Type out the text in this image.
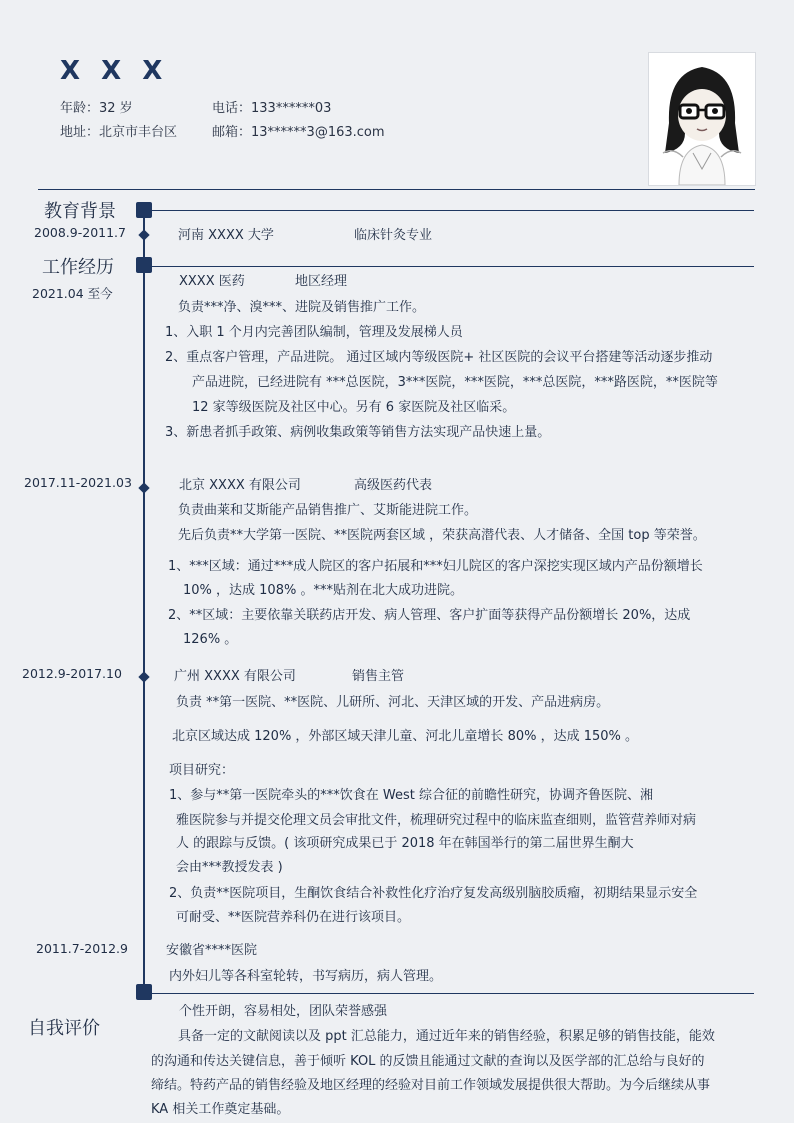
X X X
年龄：32 岁	电话：133******03
地址：北京市丰台区	邮箱：13******3@163.com
教育背景
2008.9-2011.7	河南 XXXX 大学	临床针灸专业
工作经历
2021.04 至今
XXXX 医药	地区经理
负责***净、溴***、进院及销售推广工作。
1、入职 1 个月内完善团队编制，管理及发展梯人员
2、重点客户管理，产品进院。 通过区域内等级医院+ 社区医院的会议平台搭建等活动逐步推动
产品进院，已经进院有 ***总医院，3***医院，***医院，***总医院，***路医院，**医院等
12 家等级医院及社区中心。另有 6 家医院及社区临采。
3、新患者抓手政策、病例收集政策等销售方法实现产品快速上量。
2017.11-2021.03	北京 XXXX 有限公司	高级医药代表
负责曲莱和艾斯能产品销售推广、艾斯能进院工作。
先后负责**大学第一医院、**医院两套区域 ，荣获高潜代表、人才储备、全国 top 等荣誉。
1、***区域：通过***成人院区的客户拓展和***妇儿院区的客户深挖实现区域内产品份额增长
10% ，达成 108% 。***贴剂在北大成功进院。
2、**区域：主要依靠关联药店开发、病人管理、客户扩面等获得产品份额增长 20%，达成
126% 。
2012.9-2017.10	广州 XXXX 有限公司	销售主管
负责 **第一医院、**医院、儿研所、河北、天津区域的开发、产品进病房。
北京区域达成 120% ，外部区域天津儿童、河北儿童增长 80% ，达成 150% 。
项目研究：
1、参与**第一医院牵头的***饮食在 West 综合征的前瞻性研究，协调齐鲁医院、湘
雅医院参与并提交伦理文员会审批文件，梳理研究过程中的临床监查细则，监管营养师对病
人 的跟踪与反馈。( 该项研究成果已于 2018 年在韩国举行的第二届世界生酮大
会由***教授发表 )
2、负责**医院项目，生酮饮食结合补救性化疗治疗复发高级别脑胶质瘤，初期结果显示安全
可耐受、**医院营养科仍在进行该项目。
2011.7-2012.9	安徽省****医院
内外妇儿等各科室轮转，书写病历，病人管理。
自我评价
个性开朗，容易相处，团队荣誉感强
具备一定的文献阅读以及 ppt 汇总能力，通过近年来的销售经验，积累足够的销售技能，能效
的沟通和传达关键信息，善于倾听 KOL 的反馈且能通过文献的查询以及医学部的汇总给与良好的
缔结。特药产品的销售经验及地区经理的经验对目前工作领域发展提供很大帮助。为今后继续从事
KA 相关工作奠定基础。
